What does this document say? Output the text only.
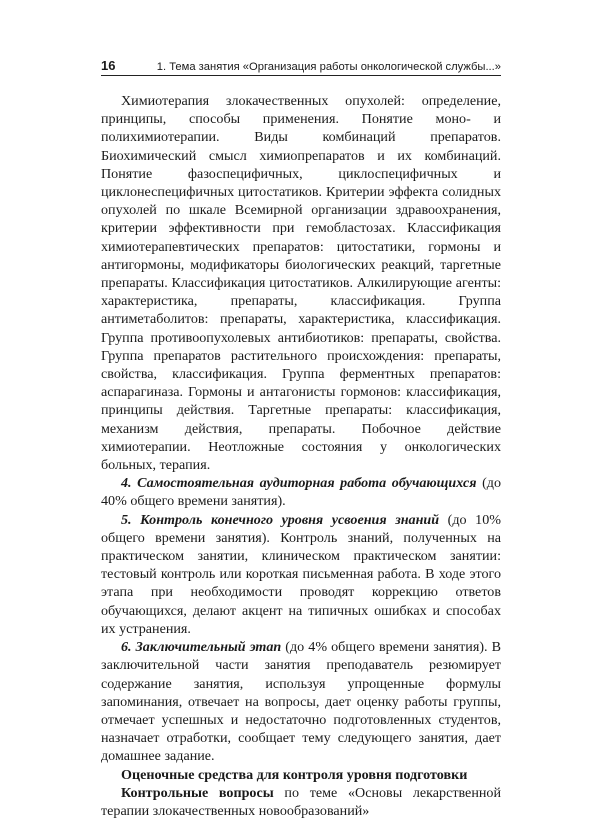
16	1. Тема занятия «Организация работы онкологической службы...»

Химиотерапия злокачественных опухолей: определение, принципы, способы применения. Понятие моно- и полихимиотерапии. Виды комбинаций препаратов. Биохимический смысл химиопрепаратов и их комбинаций. Понятие фазоспецифичных, циклоспецифичных и циклонеспецифичных цитостатиков. Критерии эффекта солидных опухолей по шкале Всемирной организации здравоохранения, критерии эффективности при гемобластозах. Классификация химиотерапевтических препаратов: цитостатики, гормоны и антигормоны, модификаторы биологических реакций, таргетные препараты. Классификация цитостатиков. Алкилирующие агенты: характеристика, препараты, классификация. Группа антиметаболитов: препараты, характеристика, классификация. Группа противоопухолевых антибиотиков: препараты, свойства. Группа препаратов растительного происхождения: препараты, свойства, классификация. Группа ферментных препаратов: аспарагиназа. Гормоны и антагонисты гормонов: классификация, принципы действия. Таргетные препараты: классификация, механизм действия, препараты. Побочное действие химиотерапии. Неотложные состояния у онкологических больных, терапия.

4. Самостоятельная аудиторная работа обучающихся (до 40% общего времени занятия).

5. Контроль конечного уровня усвоения знаний (до 10% общего времени занятия). Контроль знаний, полученных на практическом занятии, клиническом практическом занятии: тестовый контроль или короткая письменная работа. В ходе этого этапа при необходимости проводят коррекцию ответов обучающихся, делают акцент на типичных ошибках и способах их устранения.

6. Заключительный этап (до 4% общего времени занятия). В заключительной части занятия преподаватель резюмирует содержание занятия, используя упрощенные формулы запоминания, отвечает на вопросы, дает оценку работы группы, отмечает успешных и недостаточно подготовленных студентов, назначает отработки, сообщает тему следующего занятия, дает домашнее задание.

Оценочные средства для контроля уровня подготовки

Контрольные вопросы по теме «Основы лекарственной терапии злокачественных новообразований»
